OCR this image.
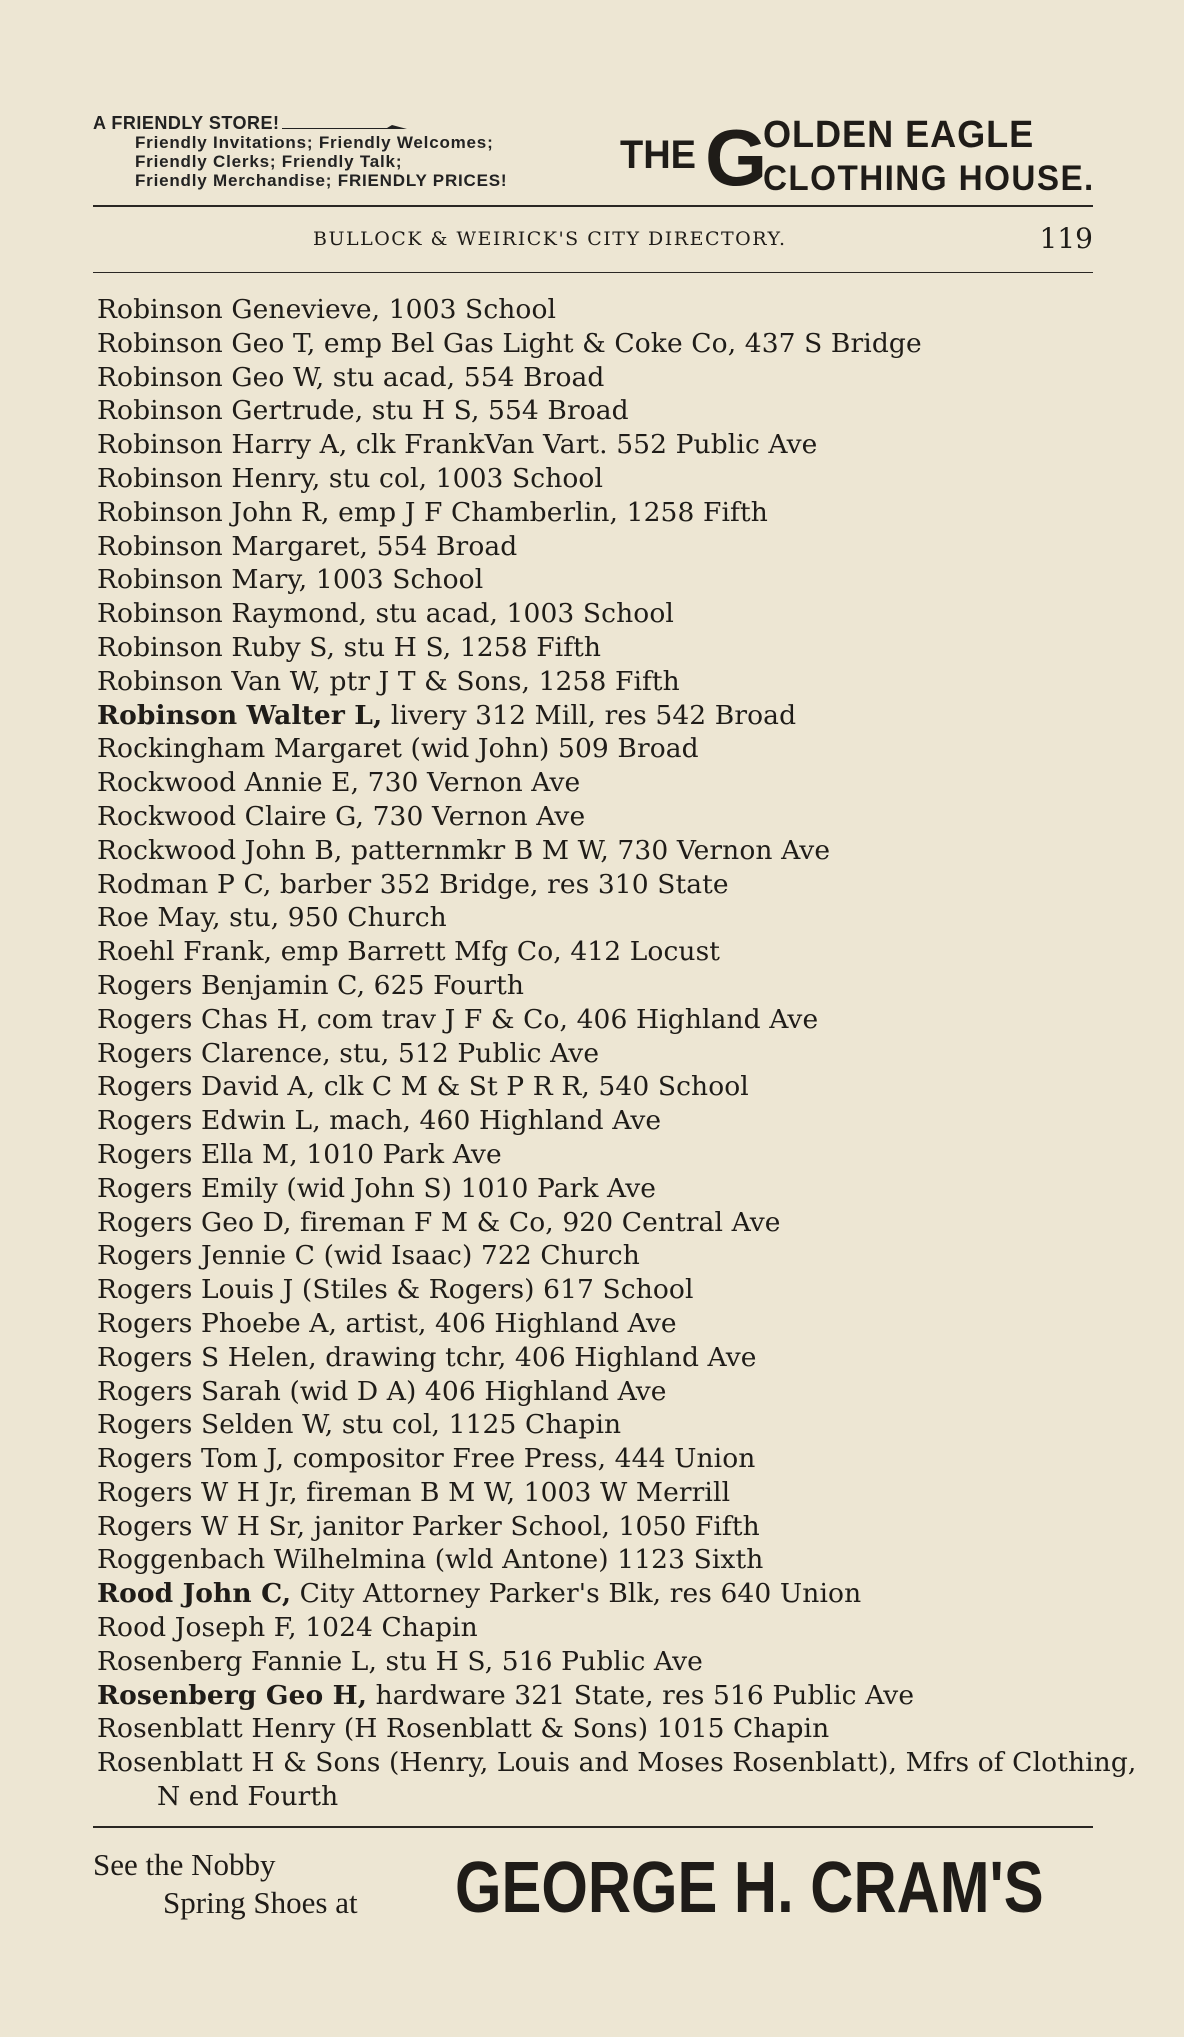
A FRIENDLY STORE!
Friendly Invitations; Friendly Welcomes;
Friendly Clerks; Friendly Talk;
Friendly Merchandise; FRIENDLY PRICES!
THE G
OLDEN EAGLE
CLOTHING HOUSE.
BULLOCK & WEIRICK'S CITY DIRECTORY.	119
Robinson Genevieve, 1003 School
Robinson Geo T, emp Bel Gas Light & Coke Co, 437 S Bridge
Robinson Geo W, stu acad, 554 Broad
Robinson Gertrude, stu H S, 554 Broad
Robinson Harry A, clk FrankVan Vart. 552 Public Ave
Robinson Henry, stu col, 1003 School
Robinson John R, emp J F Chamberlin, 1258 Fifth
Robinson Margaret, 554 Broad
Robinson Mary, 1003 School
Robinson Raymond, stu acad, 1003 School
Robinson Ruby S, stu H S, 1258 Fifth
Robinson Van W, ptr J T & Sons, 1258 Fifth
Robinson Walter L, livery 312 Mill, res 542 Broad
Rockingham Margaret (wid John) 509 Broad
Rockwood Annie E, 730 Vernon Ave
Rockwood Claire G, 730 Vernon Ave
Rockwood John B, patternmkr B M W, 730 Vernon Ave
Rodman P C, barber 352 Bridge, res 310 State
Roe May, stu, 950 Church
Roehl Frank, emp Barrett Mfg Co, 412 Locust
Rogers Benjamin C, 625 Fourth
Rogers Chas H, com trav J F & Co, 406 Highland Ave
Rogers Clarence, stu, 512 Public Ave
Rogers David A, clk C M & St P R R, 540 School
Rogers Edwin L, mach, 460 Highland Ave
Rogers Ella M, 1010 Park Ave
Rogers Emily (wid John S) 1010 Park Ave
Rogers Geo D, fireman F M & Co, 920 Central Ave
Rogers Jennie C (wid Isaac) 722 Church
Rogers Louis J (Stiles & Rogers) 617 School
Rogers Phoebe A, artist, 406 Highland Ave
Rogers S Helen, drawing tchr, 406 Highland Ave
Rogers Sarah (wid D A) 406 Highland Ave
Rogers Selden W, stu col, 1125 Chapin
Rogers Tom J, compositor Free Press, 444 Union
Rogers W H Jr, fireman B M W, 1003 W Merrill
Rogers W H Sr, janitor Parker School, 1050 Fifth
Roggenbach Wilhelmina (wld Antone) 1123 Sixth
Rood John C, City Attorney Parker's Blk, res 640 Union
Rood Joseph F, 1024 Chapin
Rosenberg Fannie L, stu H S, 516 Public Ave
Rosenberg Geo H, hardware 321 State, res 516 Public Ave
Rosenblatt Henry (H Rosenblatt & Sons) 1015 Chapin
Rosenblatt H & Sons (Henry, Louis and Moses Rosenblatt), Mfrs of Clothing, N end Fourth
See the Nobby
Spring Shoes at GEORGE H. CRAM'S
